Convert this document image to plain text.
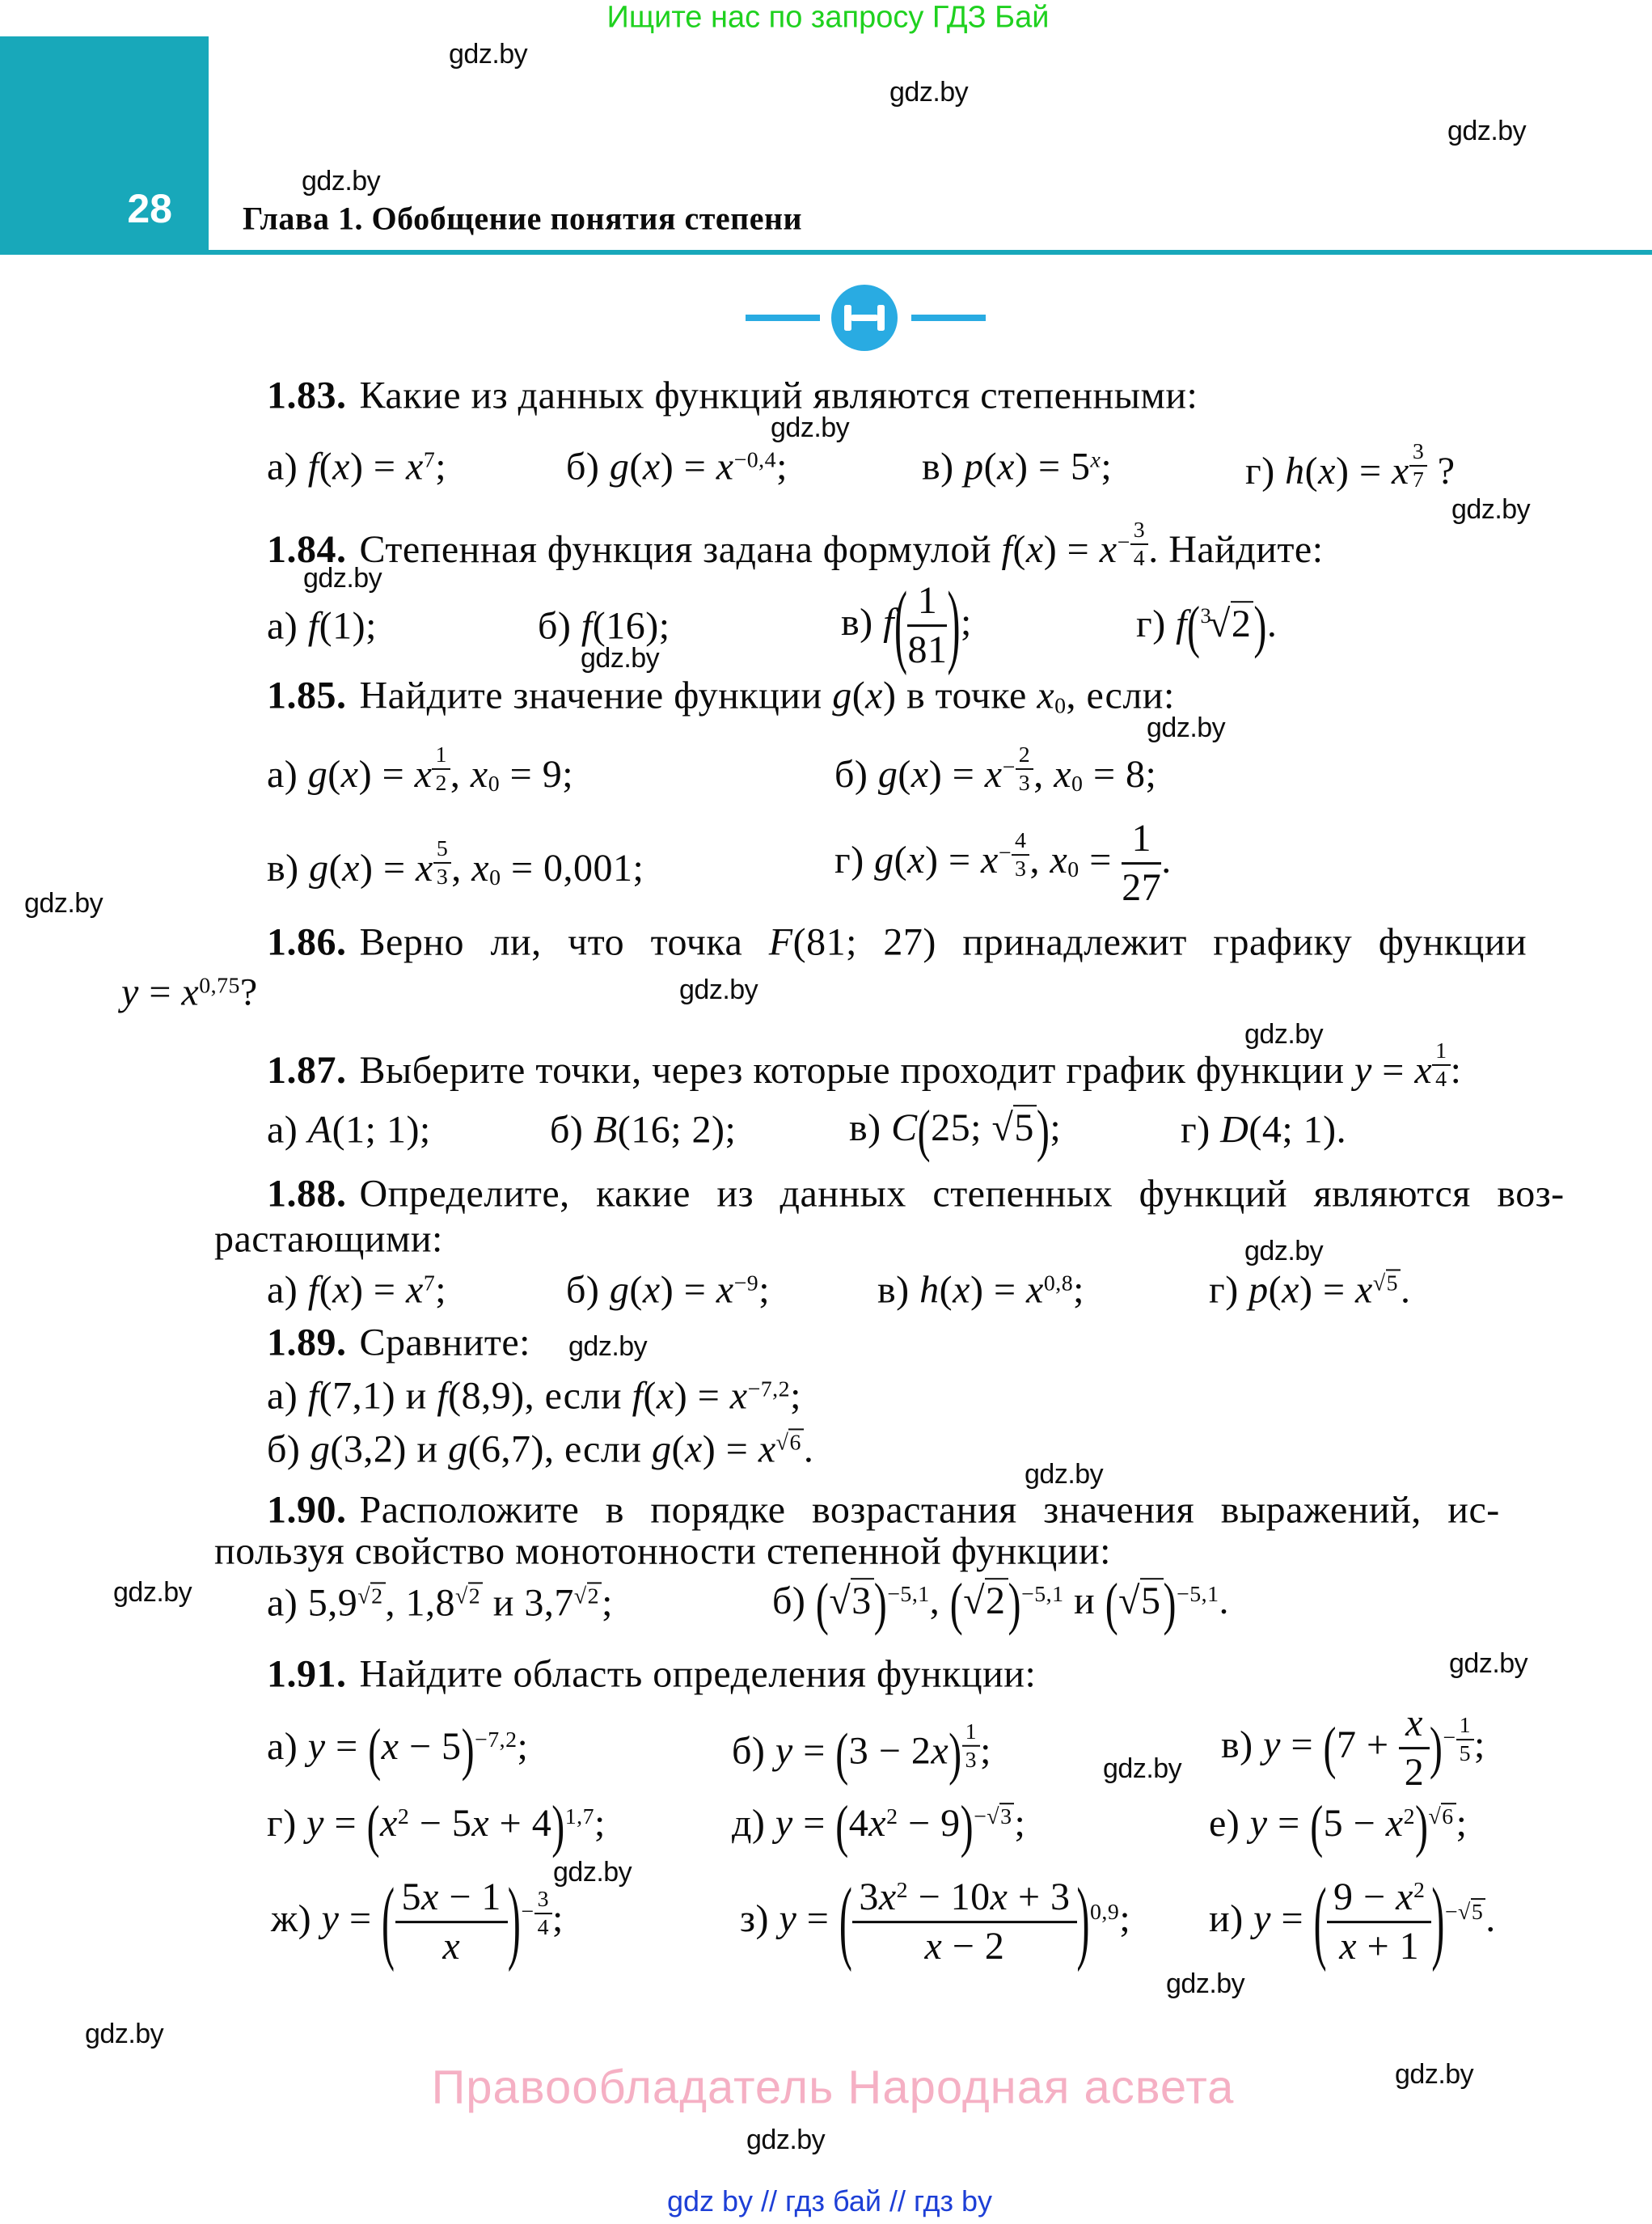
Ищите нас по запросу ГДЗ Бай
28 Глава 1. Обобщение понятия степени
1.83. Какие из данных функций являются степенными:
а) f(x) = x7;	б) g(x) = x−0,4;	в) p(x) = 5x;	г) h(x) = x $\frac{3}{7}$ ?
1.84. Степенная функция задана формулой $f(x) = x- \frac{3}{4}$ . Найдите:
а) f(1);	б) f(16);	в) $f( \frac{1}{81}$ );	г) f($^3$√2).
1.85. Найдите значение функции g(x) в точке x0, если:
а) g(x) = x $\frac{1}{2}$ , x0 = 9;	б) $g(x) = x- \frac{2}{3}$ , x0 = 8;
в) g(x) = x $\frac{5}{3}$ , x0 = 0,001;	г) $g(x) = x- \frac{4}{3}$ , $x0 = \frac{1}{27}$ .
1.86. Верно ли, что точка F(81; 27) принадлежит графику функции
y = x0,75?
1.87. Выберите точки, через которые проходит график функции y = x $\frac{1}{4}$ :
а) A(1; 1);	б) B(16; 2);	в) C(25; √5);	г) D(4; 1).
1.88. Определите, какие из данных степенных функций являются воз-
растающими:
а) f(x) = x7;	б) g(x) = x−9;	в) h(x) = x0,8;	г) p(x) = x√5.
1.89. Сравните:
а) f(7,1) и f(8,9), если f(x) = x−7,2;
б) g(3,2) и g(6,7), если g(x) = x√6.
1.90. Расположите в порядке возрастания значения выражений, ис-
пользуя свойство монотонности степенной функции:
а) 5,9√2, 1,8√2 и 3,7√2;	б) (√3)−5,1, (√2)−5,1 и (√5)−5,1.
1.91. Найдите область определения функции:
а) y = (x − 5)−7,2;	б) $y = (3 - 2x) \frac{1}{3}$ ;	в) $y = (7 + \frac{x}{2}$ )− $\frac{1}{5}$ ;
г) y = (x2 − 5x + 4)1,7;	д) y = (4x2 − 9)−√3;	е) y = (5 − x2)√6;
ж) y = ( $\frac{5x - 1}{x}$ )− $\frac{3}{4}$ ;	з) y = ( $\frac{3x2 - 10x + 3}{x - 2} )0,9$; и) y = ( $\frac{9 - x2}{x + 1} )-√5$.
Правообладатель Народная асвета
gdz by // гдз бай // гдз by
gdz.by
gdz.by
gdz.by
gdz.by
gdz.by
gdz.by
gdz.by
gdz.by
gdz.by
gdz.by
gdz.by
gdz.by
gdz.by
gdz.by
gdz.by
gdz.by
gdz.by
gdz.by
gdz.by
gdz.by
gdz.by
gdz.by
gdz.by
